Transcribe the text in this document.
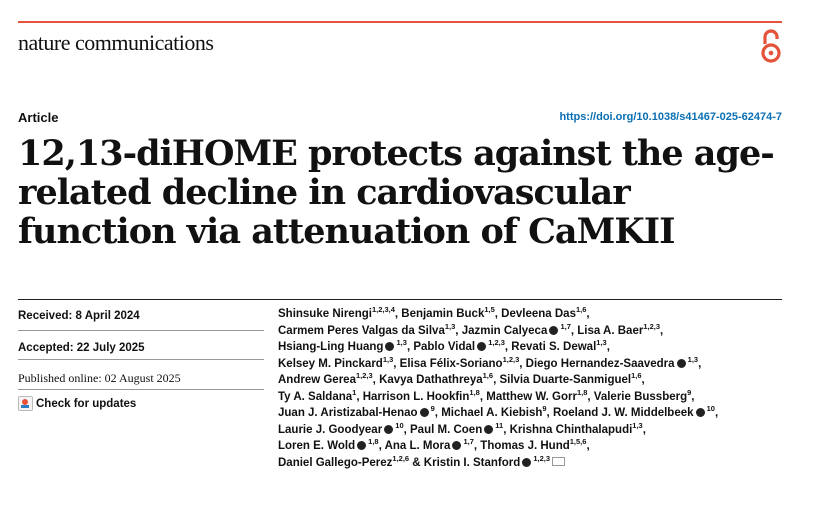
nature communications
Article	https://doi.org/10.1038/s41467-025-62474-7
12,13-diHOME protects against the age-related decline in cardiovascular function via attenuation of CaMKII
Received: 8 April 2024
Accepted: 22 July 2025
Published online: 02 August 2025
Check for updates
Shinsuke Nirengi$^{1,2,3,4}$, Benjamin Buck$^{1,5}$, Devleena Das$^{1,6}$,
Carmem Peres Valgas da Silva$^{1,3}$, Jazmin Calyeca $^{1,7}$, Lisa A. Baer$^{1,2,3}$,
Hsiang-Ling Huang $^{1,3}$, Pablo Vidal $^{1,2,3}$, Revati S. Dewal$^{1,3}$,
Kelsey M. Pinckard$^{1,3}$, Elisa Félix-Soriano$^{1,2,3}$, Diego Hernandez-Saavedra $^{1,3}$,
Andrew Gerea$^{1,2,3}$, Kavya Dathathreya$^{1,6}$, Silvia Duarte-Sanmiguel$^{1,6}$,
Ty A. Saldana$^1$, Harrison L. Hookfin$^{1,8}$, Matthew W. Gorr$^{1,8}$, Valerie Bussberg$^9$,
Juan J. Aristizabal-Henao $^9$, Michael A. Kiebish$^9$, Roeland J. W. Middelbeek $^{10}$,
Laurie J. Goodyear $^{10}$, Paul M. Coen $^{11}$, Krishna Chinthalapudi$^{1,3}$,
Loren E. Wold $^{1,8}$, Ana L. Mora $^{1,7}$, Thomas J. Hund$^{1,5,6}$,
Daniel Gallego-Perez$^{1,2,6}$ & Kristin I. Stanford $^{1,2,3}$
